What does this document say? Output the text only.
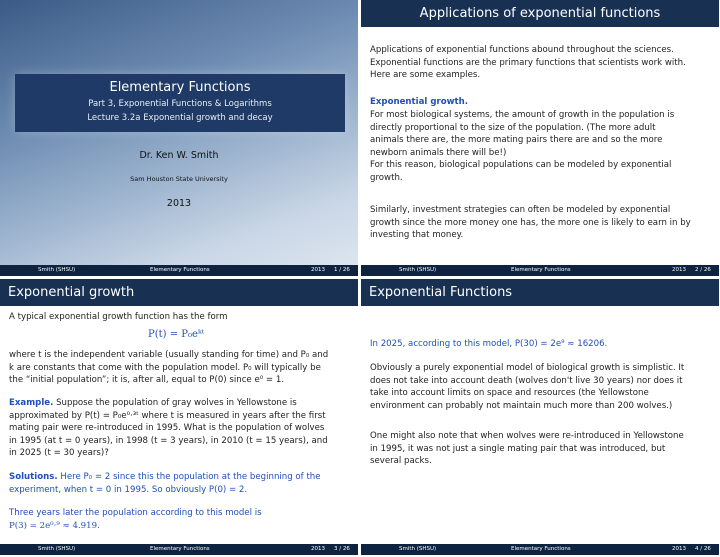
Elementary Functions
Part 3, Exponential Functions & Logarithms
Lecture 3.2a Exponential growth and decay
Dr. Ken W. Smith
Sam Houston State University
2013
Smith (SHSU)	Elementary Functions	2013 1 / 26
Applications of exponential functions
Applications of exponential functions abound throughout the sciences.
Exponential functions are the primary functions that scientists work with.
Here are some examples.
Exponential growth.
For most biological systems, the amount of growth in the population is
directly proportional to the size of the population. (The more adult
animals there are, the more mating pairs there are and so the more
newborn animals there will be!)
For this reason, biological populations can be modeled by exponential
growth.
Similarly, investment strategies can often be modeled by exponential
growth since the more money one has, the more one is likely to earn in by
investing that money.
Smith (SHSU)	Elementary Functions	2013 2 / 26
Exponential growth
A typical exponential growth function has the form
P(t) = P₀eᵏᵗ
where t is the independent variable (usually standing for time) and P₀ and
k are constants that come with the population model. P₀ will typically be
the “initial population”; it is, after all, equal to P(0) since e⁰ = 1.
Example. Suppose the population of gray wolves in Yellowstone is
approximated by P(t) = P₀e⁰·³ᵗ where t is measured in years after the first
mating pair were re-introduced in 1995. What is the population of wolves
in 1995 (at t = 0 years), in 1998 (t = 3 years), in 2010 (t = 15 years), and
in 2025 (t = 30 years)?
Solutions. Here P₀ = 2 since this the population at the beginning of the
experiment, when t = 0 in 1995. So obviously P(0) = 2.
Three years later the population according to this model is
P(3) = 2e⁰·⁹ ≈ 4.919.
Smith (SHSU)	Elementary Functions	2013 3 / 26
Exponential Functions
In 2025, according to this model, P(30) = 2e⁹ ≈ 16206.
Obviously a purely exponential model of biological growth is simplistic. It
does not take into account death (wolves don't live 30 years) nor does it
take into account limits on space and resources (the Yellowstone
environment can probably not maintain much more than 200 wolves.)
One might also note that when wolves were re-introduced in Yellowstone
in 1995, it was not just a single mating pair that was introduced, but
several packs.
Smith (SHSU)	Elementary Functions	2013 4 / 26
